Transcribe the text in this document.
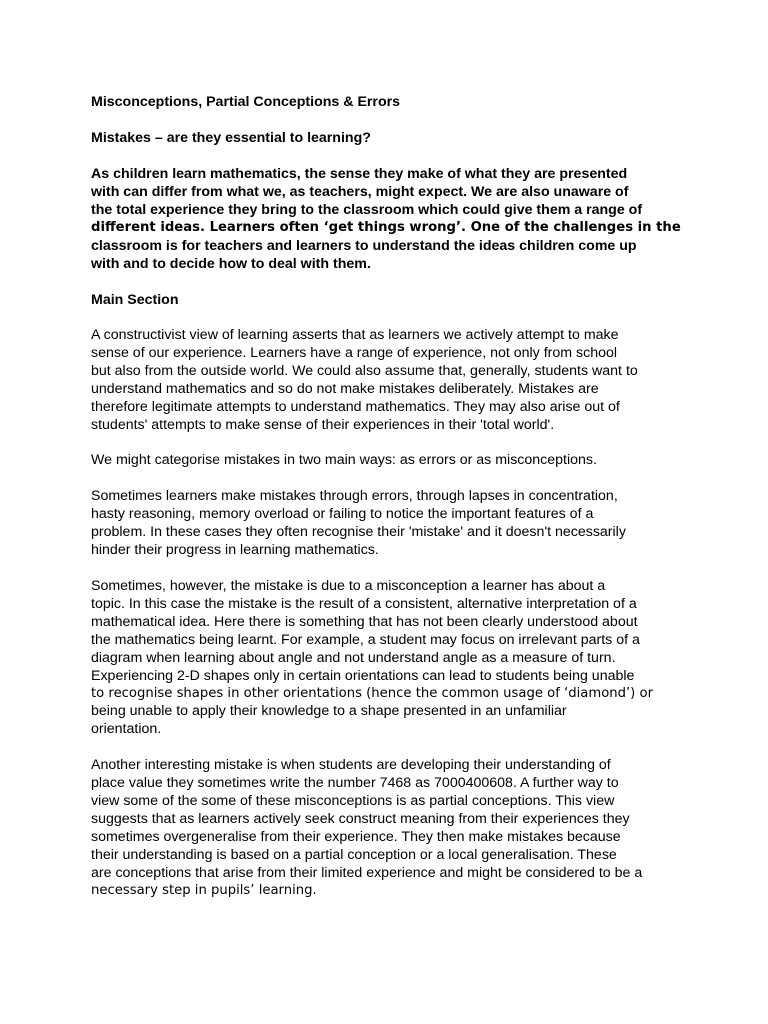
Misconceptions, Partial Conceptions & Errors
Mistakes – are they essential to learning?
As children learn mathematics, the sense they make of what they are presented
with can differ from what we, as teachers, might expect. We are also unaware of
the total experience they bring to the classroom which could give them a range of
different ideas. Learners often ‘get things wrong’. One of the challenges in the
classroom is for teachers and learners to understand the ideas children come up
with and to decide how to deal with them.
Main Section
A constructivist view of learning asserts that as learners we actively attempt to make
sense of our experience. Learners have a range of experience, not only from school
but also from the outside world. We could also assume that, generally, students want to
understand mathematics and so do not make mistakes deliberately. Mistakes are
therefore legitimate attempts to understand mathematics. They may also arise out of
students' attempts to make sense of their experiences in their 'total world'.
We might categorise mistakes in two main ways: as errors or as misconceptions.
Sometimes learners make mistakes through errors, through lapses in concentration,
hasty reasoning, memory overload or failing to notice the important features of a
problem. In these cases they often recognise their 'mistake' and it doesn't necessarily
hinder their progress in learning mathematics.
Sometimes, however, the mistake is due to a misconception a learner has about a
topic. In this case the mistake is the result of a consistent, alternative interpretation of a
mathematical idea. Here there is something that has not been clearly understood about
the mathematics being learnt. For example, a student may focus on irrelevant parts of a
diagram when learning about angle and not understand angle as a measure of turn.
Experiencing 2-D shapes only in certain orientations can lead to students being unable
to recognise shapes in other orientations (hence the common usage of ‘diamond’) or
being unable to apply their knowledge to a shape presented in an unfamiliar
orientation.
Another interesting mistake is when students are developing their understanding of
place value they sometimes write the number 7468 as 7000400608. A further way to
view some of the some of these misconceptions is as partial conceptions. This view
suggests that as learners actively seek construct meaning from their experiences they
sometimes overgeneralise from their experience. They then make mistakes because
their understanding is based on a partial conception or a local generalisation. These
are conceptions that arise from their limited experience and might be considered to be a
necessary step in pupils’ learning.
